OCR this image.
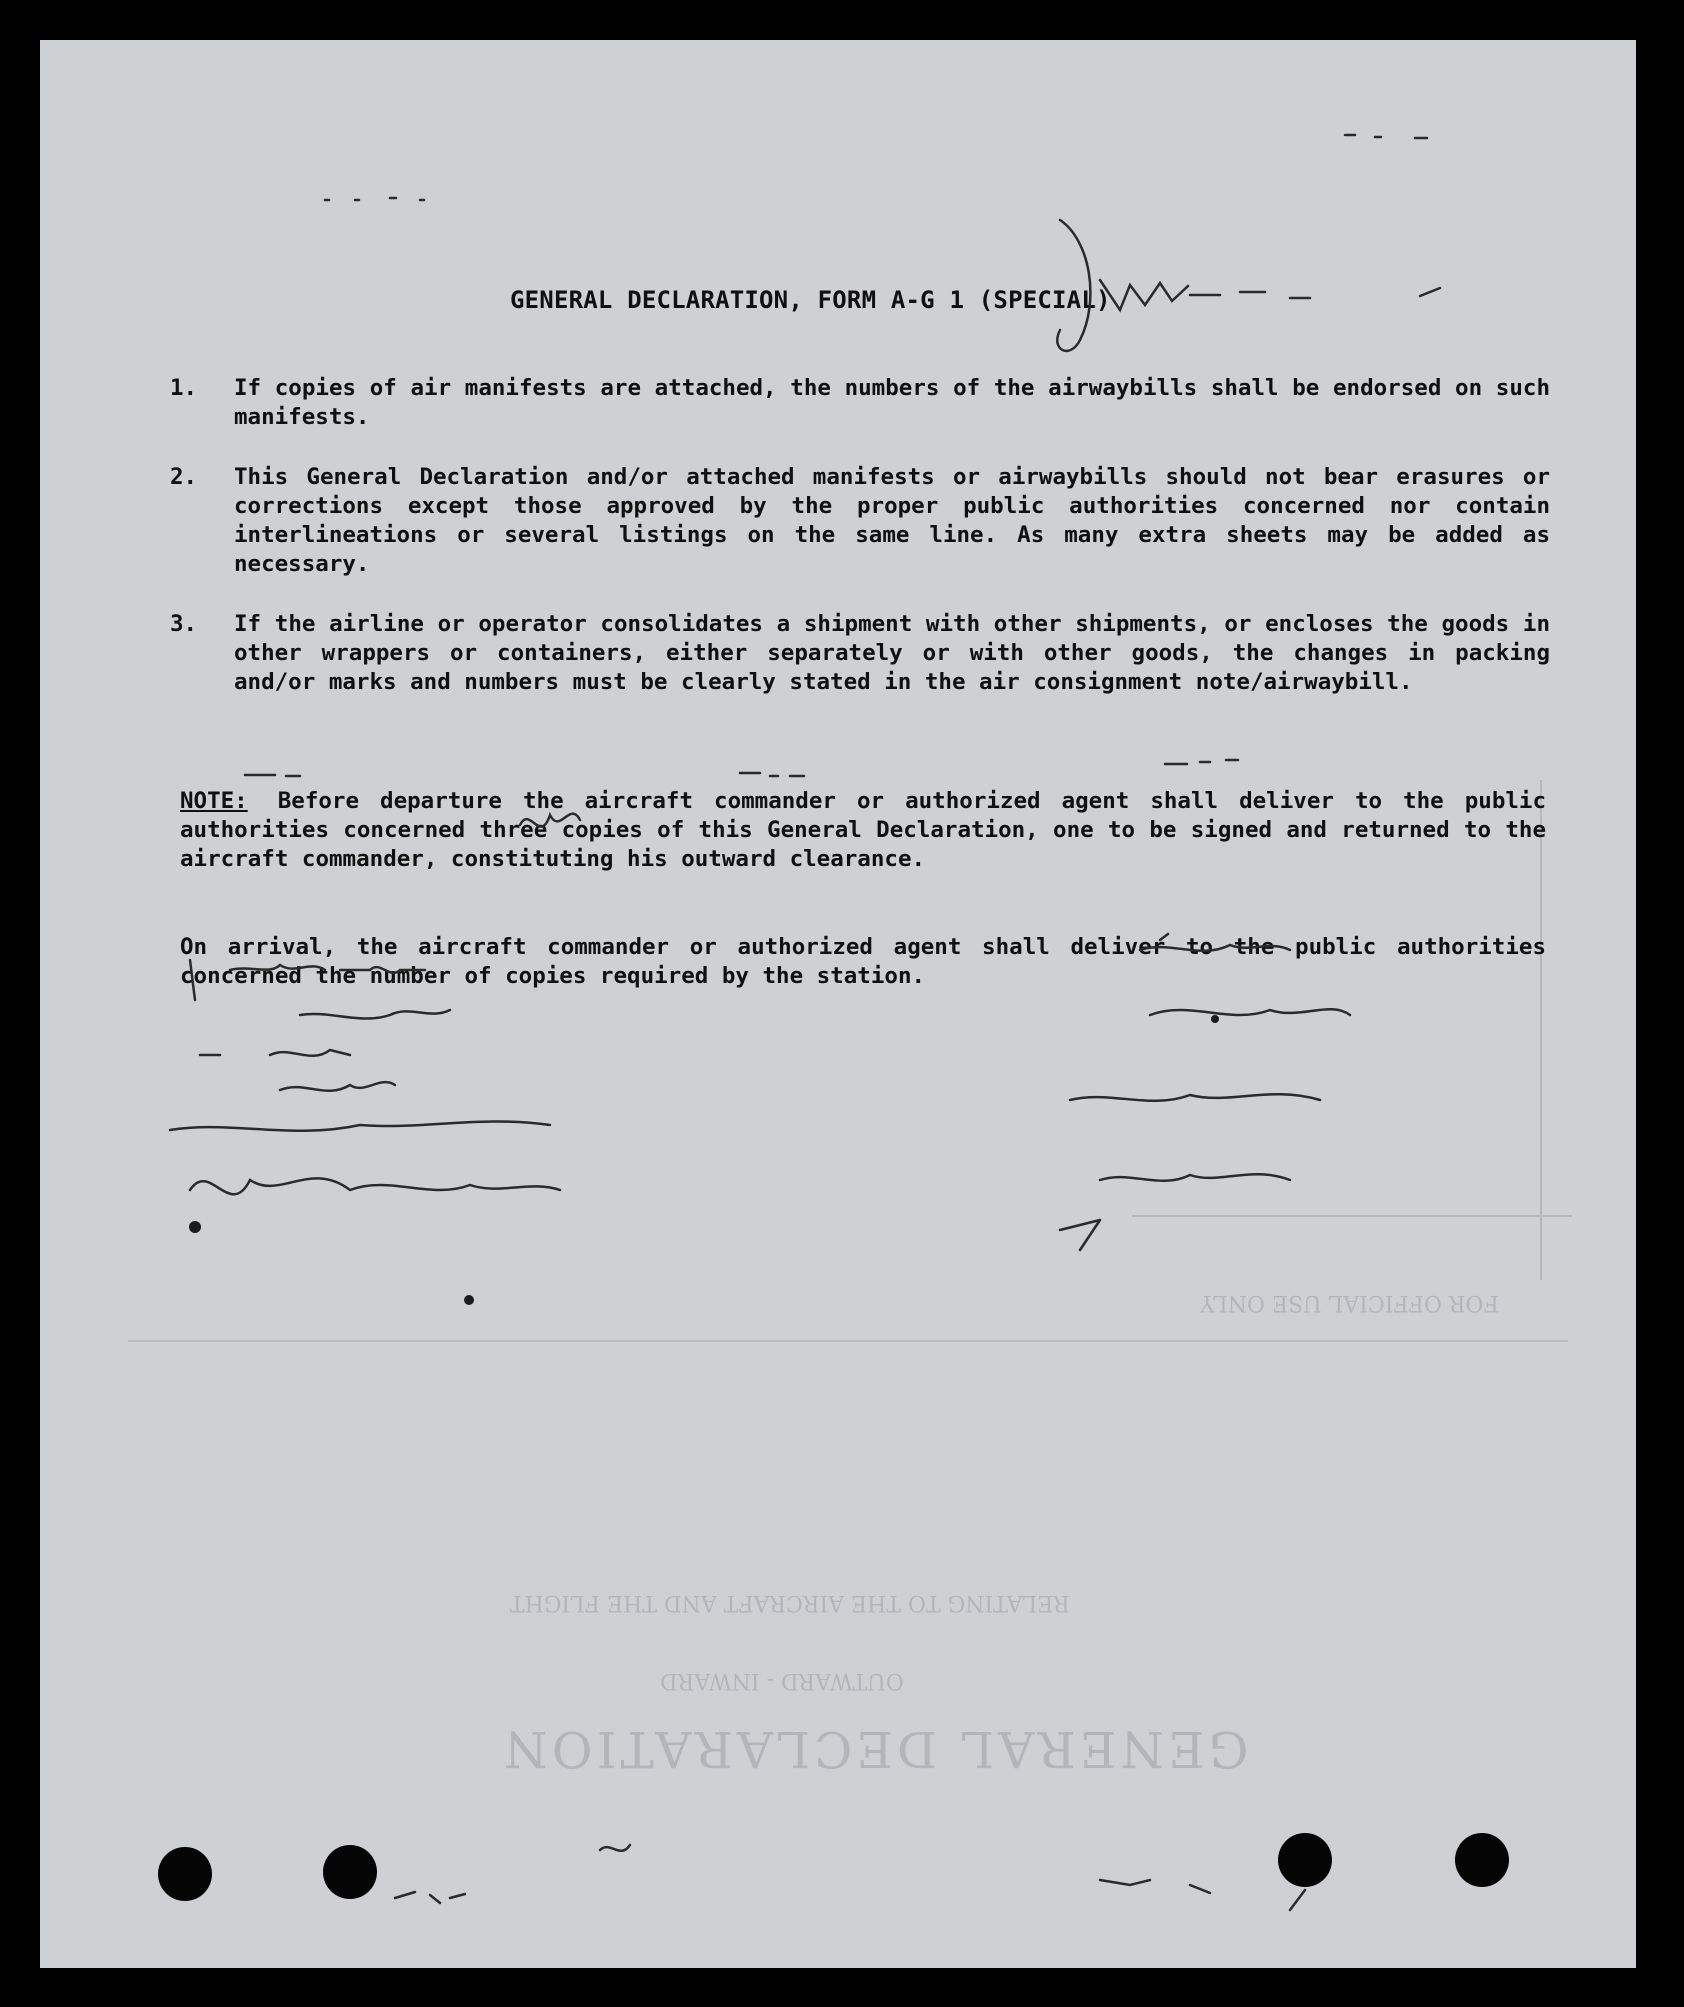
GENERAL DECLARATION
OUTWARD - INWARD
RELATING TO THE AIRCRAFT AND THE FLIGHT
FOR OFFICIAL USE ONLY
GENERAL DECLARATION, FORM A-G 1 (SPECIAL)
1.	If copies of air manifests are attached, the numbers of the airwaybills shall be endorsed on such manifests.
2.	This General Declaration and/or attached manifests or airwaybills should not bear erasures or corrections except those approved by the proper public authorities concerned nor contain interlineations or several listings on the same line. As many extra sheets may be added as necessary.
3.	If the airline or operator consolidates a shipment with other shipments, or encloses the goods in other wrappers or containers, either separately or with other goods, the changes in packing and/or marks and numbers must be clearly stated in the air consignment note/airwaybill.
NOTE: Before departure the aircraft commander or authorized agent shall deliver to the public authorities concerned three copies of this General Declaration, one to be signed and returned to the aircraft commander, constituting his outward clearance.
On arrival, the aircraft commander or authorized agent shall deliver to the public authorities concerned the number of copies required by the station.
